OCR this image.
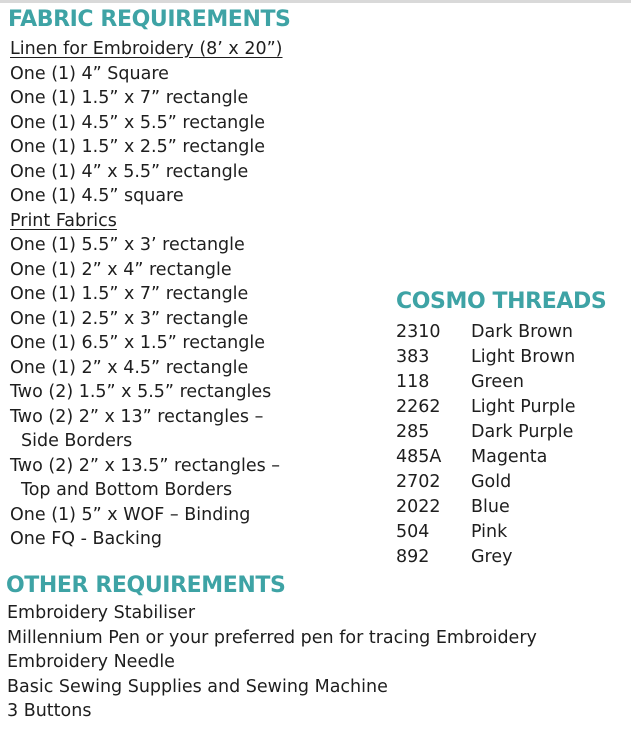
FABRIC REQUIREMENTS
Linen for Embroidery (8’ x 20”)
One (1) 4” Square
One (1) 1.5” x 7” rectangle
One (1) 4.5” x 5.5” rectangle
One (1) 1.5” x 2.5” rectangle
One (1) 4” x 5.5” rectangle
One (1) 4.5” square
Print Fabrics
One (1) 5.5” x 3’ rectangle
One (1) 2” x 4” rectangle
One (1) 1.5” x 7” rectangle
One (1) 2.5” x 3” rectangle
One (1) 6.5” x 1.5” rectangle
One (1) 2” x 4.5” rectangle
Two (2) 1.5” x 5.5” rectangles
Two (2) 2” x 13” rectangles –
Side Borders
Two (2) 2” x 13.5” rectangles –
Top and Bottom Borders
One (1) 5” x WOF – Binding
One FQ - Backing
COSMO THREADS
2310	Dark Brown
383	Light Brown
118	Green
2262	Light Purple
285	Dark Purple
485A	Magenta
2702	Gold
2022	Blue
504	Pink
892	Grey
OTHER REQUIREMENTS
Embroidery Stabiliser
Millennium Pen or your preferred pen for tracing Embroidery
Embroidery Needle
Basic Sewing Supplies and Sewing Machine
3 Buttons
